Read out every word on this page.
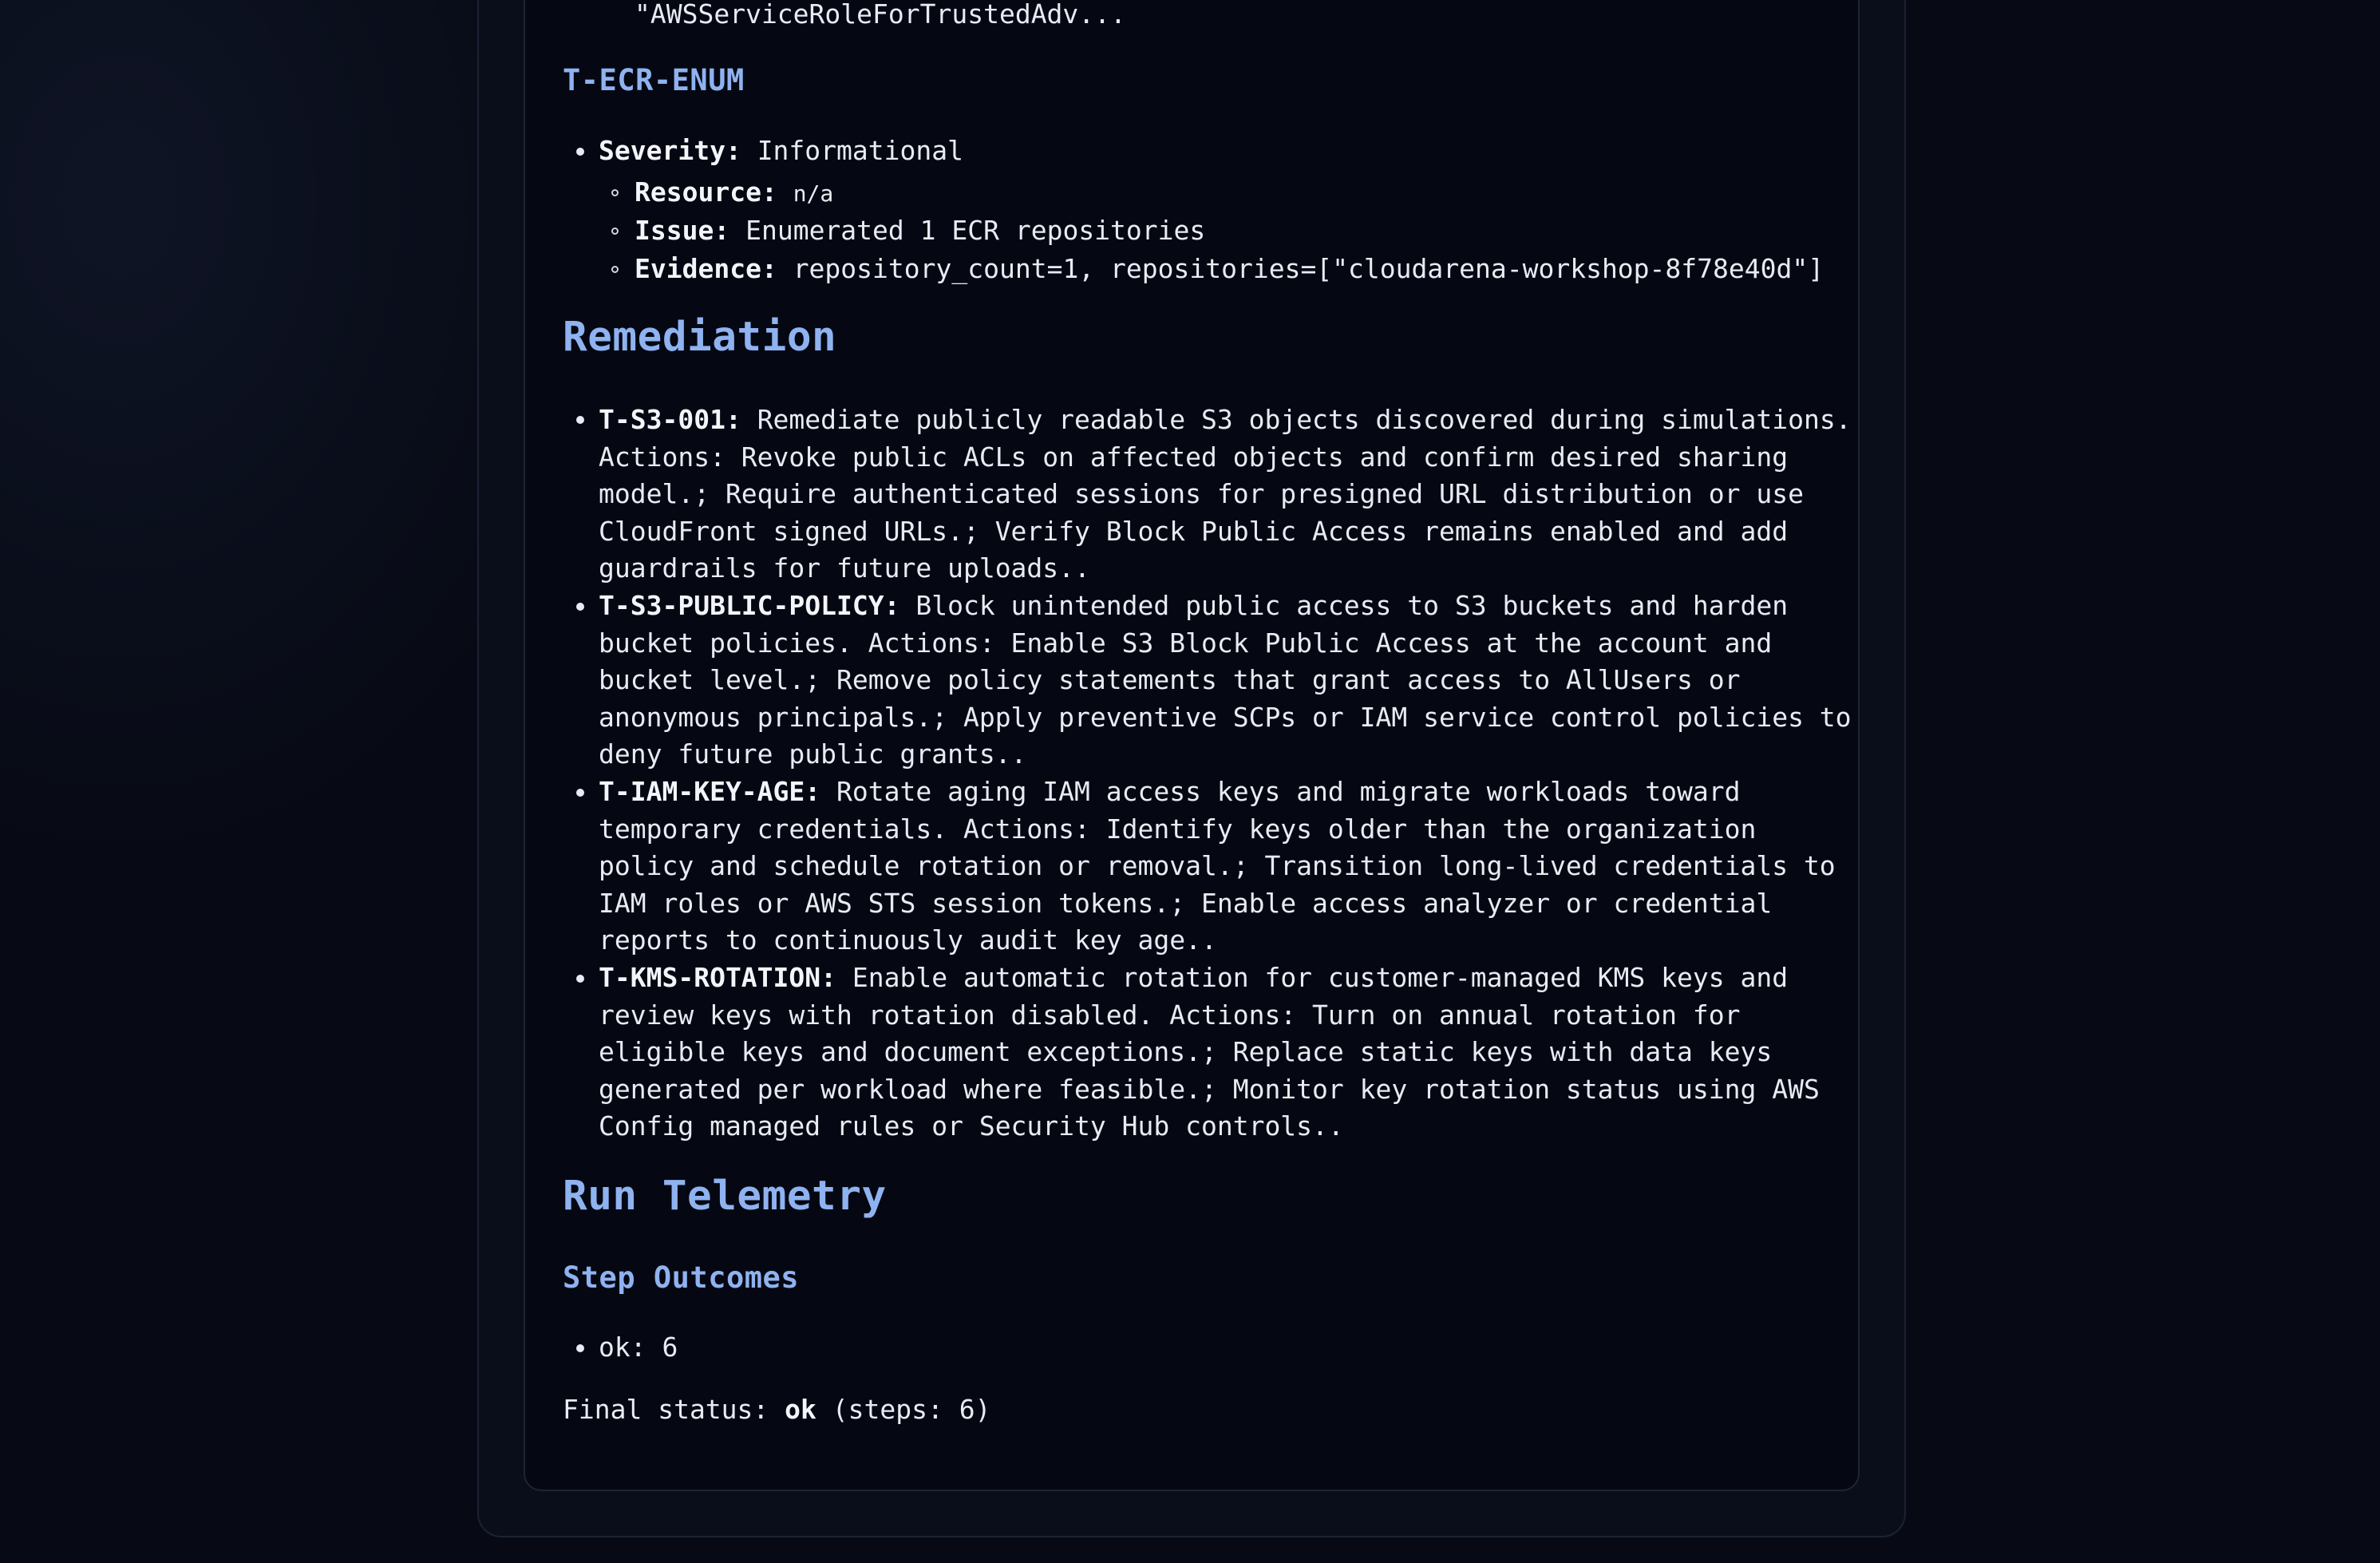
"AWSServiceRoleForTrustedAdv...
T-ECR-ENUM
Severity: Informational
Resource: n/a
Issue: Enumerated 1 ECR repositories
Evidence: repository_count=1, repositories=["cloudarena-workshop-8f78e40d"]
Remediation
T-S3-001: Remediate publicly readable S3 objects discovered during simulations.
Actions: Revoke public ACLs on affected objects and confirm desired sharing
model.; Require authenticated sessions for presigned URL distribution or use
CloudFront signed URLs.; Verify Block Public Access remains enabled and add
guardrails for future uploads..
T-S3-PUBLIC-POLICY: Block unintended public access to S3 buckets and harden
bucket policies. Actions: Enable S3 Block Public Access at the account and
bucket level.; Remove policy statements that grant access to AllUsers or
anonymous principals.; Apply preventive SCPs or IAM service control policies to
deny future public grants..
T-IAM-KEY-AGE: Rotate aging IAM access keys and migrate workloads toward
temporary credentials. Actions: Identify keys older than the organization
policy and schedule rotation or removal.; Transition long-lived credentials to
IAM roles or AWS STS session tokens.; Enable access analyzer or credential
reports to continuously audit key age..
T-KMS-ROTATION: Enable automatic rotation for customer-managed KMS keys and
review keys with rotation disabled. Actions: Turn on annual rotation for
eligible keys and document exceptions.; Replace static keys with data keys
generated per workload where feasible.; Monitor key rotation status using AWS
Config managed rules or Security Hub controls..
Run Telemetry
Step Outcomes
ok: 6
Final status: ok (steps: 6)
